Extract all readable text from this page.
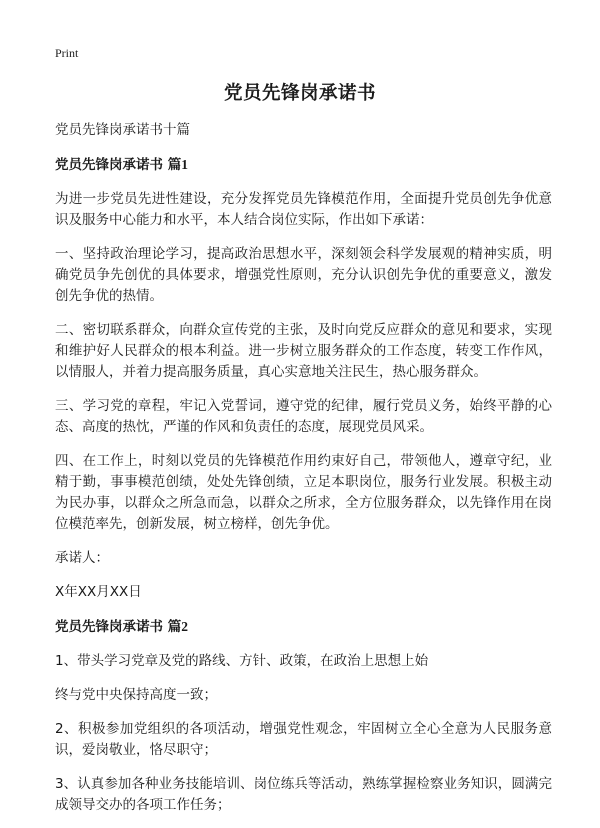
Print
党员先锋岗承诺书

党员先锋岗承诺书十篇

党员先锋岗承诺书 篇1

为进一步党员先进性建设，充分发挥党员先锋模范作用，全面提升党员创先争优意识及服务中心能力和水平，本人结合岗位实际，作出如下承诺：

一、坚持政治理论学习，提高政治思想水平，深刻领会科学发展观的精神实质，明确党员争先创优的具体要求，增强党性原则，充分认识创先争优的重要意义，激发创先争优的热情。

二、密切联系群众，向群众宣传党的主张，及时向党反应群众的意见和要求，实现和维护好人民群众的根本利益。进一步树立服务群众的工作态度，转变工作作风，以情服人，并着力提高服务质量，真心实意地关注民生，热心服务群众。

三、学习党的章程，牢记入党誓词，遵守党的纪律，履行党员义务，始终平静的心态、高度的热忱，严谨的作风和负责任的态度，展现党员风采。

四、在工作上，时刻以党员的先锋模范作用约束好自己，带领他人，遵章守纪，业精于勤，事事模范创绩，处处先锋创绩，立足本职岗位，服务行业发展。积极主动为民办事，以群众之所急而急，以群众之所求，全方位服务群众，以先锋作用在岗位模范率先，创新发展，树立榜样，创先争优。

承诺人：

X年XX月XX日

党员先锋岗承诺书 篇2

1、带头学习党章及党的路线、方针、政策，在政治上思想上始

终与党中央保持高度一致；

2、积极参加党组织的各项活动，增强党性观念，牢固树立全心全意为人民服务意识，爱岗敬业，恪尽职守；

3、认真参加各种业务技能培训、岗位练兵等活动，熟练掌握检察业务知识，圆满完成领导交办的各项工作任务；
